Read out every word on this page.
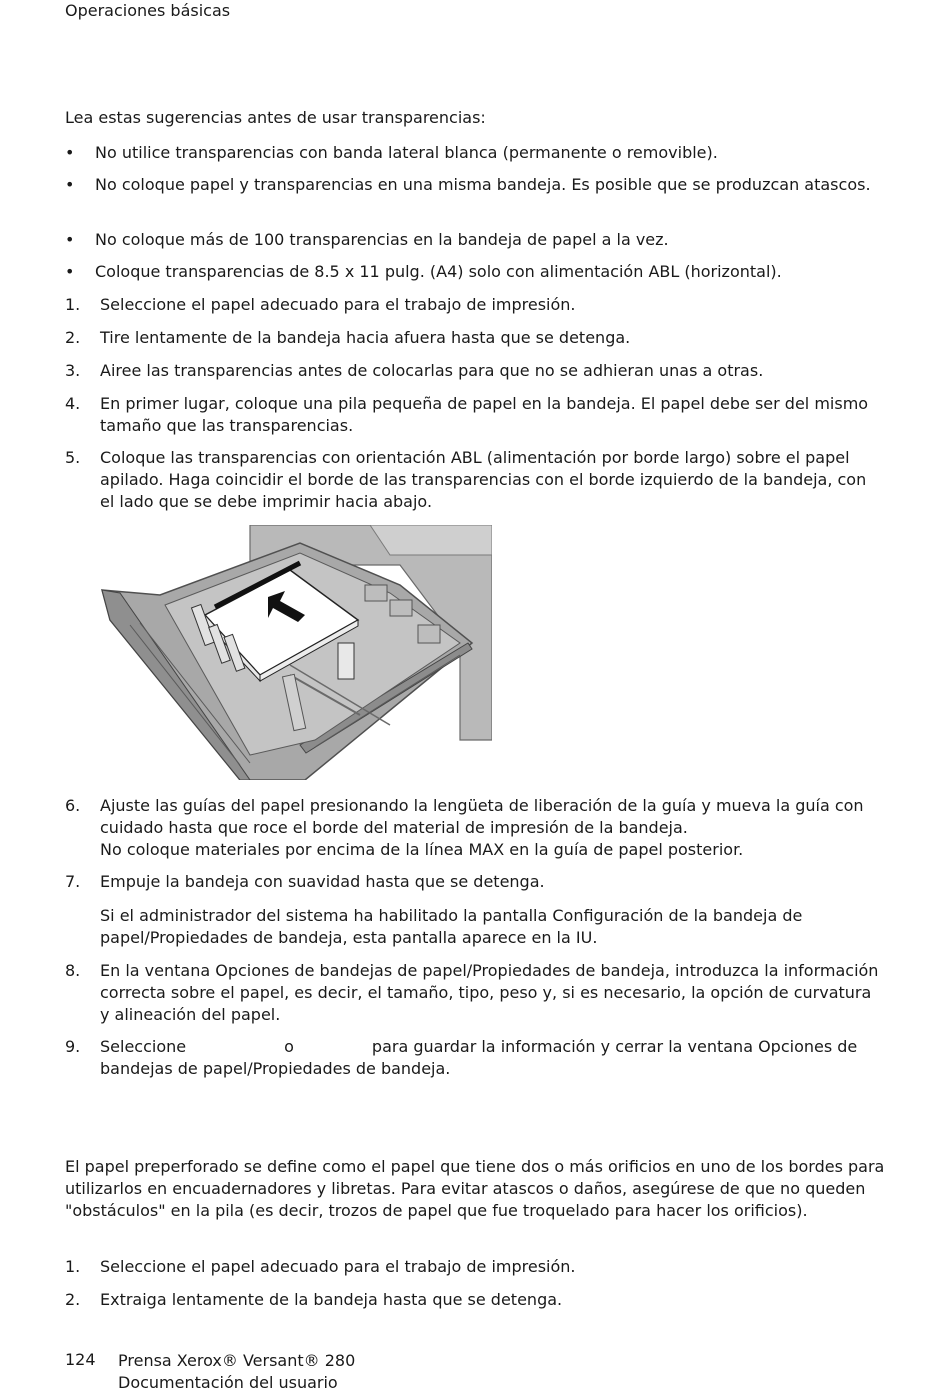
Operaciones básicas
Lea estas sugerencias antes de usar transparencias:
• No utilice transparencias con banda lateral blanca (permanente o removible).
• No coloque papel y transparencias en una misma bandeja. Es posible que se produzcan atascos.
• No coloque más de 100 transparencias en la bandeja de papel a la vez.
• Coloque transparencias de 8.5 x 11 pulg. (A4) solo con alimentación ABL (horizontal).
1. Seleccione el papel adecuado para el trabajo de impresión.
2. Tire lentamente de la bandeja hacia afuera hasta que se detenga.
3. Airee las transparencias antes de colocarlas para que no se adhieran unas a otras.
4. En primer lugar, coloque una pila pequeña de papel en la bandeja. El papel debe ser del mismo tamaño que las transparencias.
5. Coloque las transparencias con orientación ABL (alimentación por borde largo) sobre el papel apilado. Haga coincidir el borde de las transparencias con el borde izquierdo de la bandeja, con el lado que se debe imprimir hacia abajo.
6. Ajuste las guías del papel presionando la lengüeta de liberación de la guía y mueva la guía con cuidado hasta que roce el borde del material de impresión de la bandeja.
No coloque materiales por encima de la línea MAX en la guía de papel posterior.
7. Empuje la bandeja con suavidad hasta que se detenga.
Si el administrador del sistema ha habilitado la pantalla Configuración de la bandeja de papel/Propiedades de bandeja, esta pantalla aparece en la IU.
8. En la ventana Opciones de bandejas de papel/Propiedades de bandeja, introduzca la información correcta sobre el papel, es decir, el tamaño, tipo, peso y, si es necesario, la opción de curvatura y alineación del papel.
9. Seleccione	o	para guardar la información y cerrar la ventana Opciones de
bandejas de papel/Propiedades de bandeja.
El papel preperforado se define como el papel que tiene dos o más orificios en uno de los bordes para utilizarlos en encuadernadores y libretas. Para evitar atascos o daños, asegúrese de que no queden "obstáculos" en la pila (es decir, trozos de papel que fue troquelado para hacer los orificios).
1. Seleccione el papel adecuado para el trabajo de impresión.
2. Extraiga lentamente de la bandeja hasta que se detenga.
124 Prensa Xerox® Versant® 280
Documentación del usuario
